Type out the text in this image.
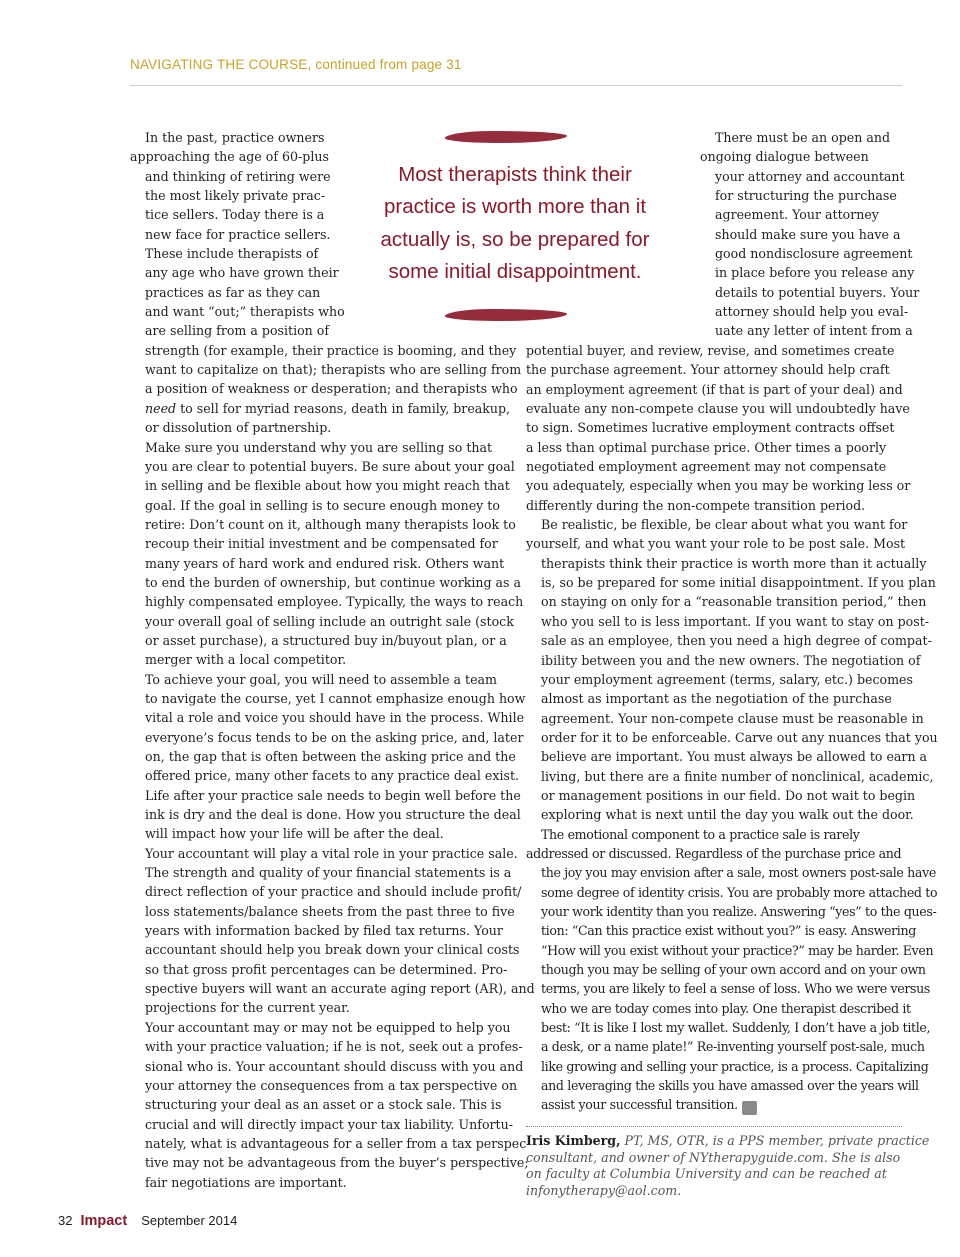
NAVIGATING THE COURSE, continued from page 31

In the past, practice owners
approaching the age of 60-plus
and thinking of retiring were
the most likely private prac-
tice sellers. Today there is a
new face for practice sellers.
These include therapists of
any age who have grown their
practices as far as they can
and want “out;” therapists who
are selling from a position of
strength (for example, their practice is booming, and they
want to capitalize on that); therapists who are selling from
a position of weakness or desperation; and therapists who
need to sell for myriad reasons, death in family, breakup,
or dissolution of partnership.

Make sure you understand why you are selling so that
you are clear to potential buyers. Be sure about your goal
in selling and be flexible about how you might reach that
goal. If the goal in selling is to secure enough money to
retire: Don’t count on it, although many therapists look to
recoup their initial investment and be compensated for
many years of hard work and endured risk. Others want
to end the burden of ownership, but continue working as a
highly compensated employee. Typically, the ways to reach
your overall goal of selling include an outright sale (stock
or asset purchase), a structured buy in/buyout plan, or a
merger with a local competitor.

To achieve your goal, you will need to assemble a team
to navigate the course, yet I cannot emphasize enough how
vital a role and voice you should have in the process. While
everyone’s focus tends to be on the asking price, and, later
on, the gap that is often between the asking price and the
offered price, many other facets to any practice deal exist.
Life after your practice sale needs to begin well before the
ink is dry and the deal is done. How you structure the deal
will impact how your life will be after the deal.

Your accountant will play a vital role in your practice sale.
The strength and quality of your financial statements is a
direct reflection of your practice and should include profit/
loss statements/balance sheets from the past three to five
years with information backed by filed tax returns. Your
accountant should help you break down your clinical costs
so that gross profit percentages can be determined. Pro-
spective buyers will want an accurate aging report (AR), and
projections for the current year.

Your accountant may or may not be equipped to help you
with your practice valuation; if he is not, seek out a profes-
sional who is. Your accountant should discuss with you and
your attorney the consequences from a tax perspective on
structuring your deal as an asset or a stock sale. This is
crucial and will directly impact your tax liability. Unfortu-
nately, what is advantageous for a seller from a tax perspec-
tive may not be advantageous from the buyer’s perspective;
fair negotiations are important.

Most therapists think their
practice is worth more than it
actually is, so be prepared for
some initial disappointment.

There must be an open and
ongoing dialogue between
your attorney and accountant
for structuring the purchase
agreement. Your attorney
should make sure you have a
good nondisclosure agreement
in place before you release any
details to potential buyers. Your
attorney should help you eval-
uate any letter of intent from a

potential buyer, and review, revise, and sometimes create
the purchase agreement. Your attorney should help craft
an employment agreement (if that is part of your deal) and
evaluate any non-compete clause you will undoubtedly have
to sign. Sometimes lucrative employment contracts offset
a less than optimal purchase price. Other times a poorly
negotiated employment agreement may not compensate
you adequately, especially when you may be working less or
differently during the non-compete transition period.

Be realistic, be flexible, be clear about what you want for
yourself, and what you want your role to be post sale. Most
therapists think their practice is worth more than it actually
is, so be prepared for some initial disappointment. If you plan
on staying on only for a “reasonable transition period,” then
who you sell to is less important. If you want to stay on post-
sale as an employee, then you need a high degree of compat-
ibility between you and the new owners. The negotiation of
your employment agreement (terms, salary, etc.) becomes
almost as important as the negotiation of the purchase
agreement. Your non-compete clause must be reasonable in
order for it to be enforceable. Carve out any nuances that you
believe are important. You must always be allowed to earn a
living, but there are a finite number of nonclinical, academic,
or management positions in our field. Do not wait to begin
exploring what is next until the day you walk out the door.

The emotional component to a practice sale is rarely
addressed or discussed. Regardless of the purchase price and
the joy you may envision after a sale, most owners post-sale have
some degree of identity crisis. You are probably more attached to
your work identity than you realize. Answering “yes” to the ques-
tion: “Can this practice exist without you?” is easy. Answering
“How will you exist without your practice?” may be harder. Even
though you may be selling of your own accord and on your own
terms, you are likely to feel a sense of loss. Who we were versus
who we are today comes into play. One therapist described it
best: “It is like I lost my wallet. Suddenly, I don’t have a job title,
a desk, or a name plate!” Re-inventing yourself post-sale, much
like growing and selling your practice, is a process. Capitalizing
and leveraging the skills you have amassed over the years will
assist your successful transition. I

Iris Kimberg, PT, MS, OTR, is a PPS member, private practice
consultant, and owner of NYtherapyguide.com. She is also
on faculty at Columbia University and can be reached at
infonytherapy@aol.com.
32 Impact September 2014
